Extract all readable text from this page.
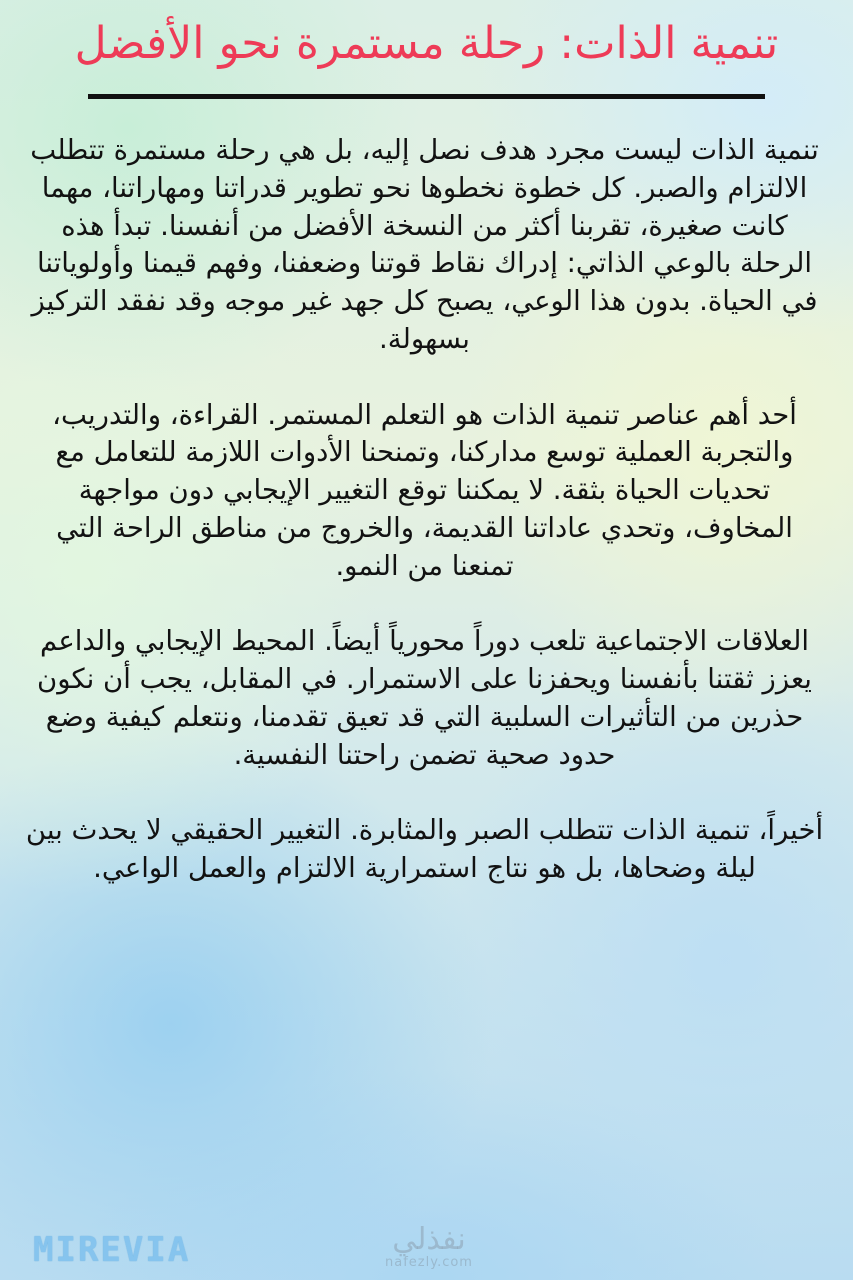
تنمية الذات: رحلة مستمرة نحو الأفضل

تنمية الذات ليست مجرد هدف نصل إليه، بل هي رحلة مستمرة تتطلب الالتزام والصبر. كل خطوة نخطوها نحو تطوير قدراتنا ومهاراتنا، مهما كانت صغيرة، تقربنا أكثر من النسخة الأفضل من أنفسنا. تبدأ هذه الرحلة بالوعي الذاتي: إدراك نقاط قوتنا وضعفنا، وفهم قيمنا وأولوياتنا في الحياة. بدون هذا الوعي، يصبح كل جهد غير موجه وقد نفقد التركيز بسهولة.

أحد أهم عناصر تنمية الذات هو التعلم المستمر. القراءة، والتدريب، والتجربة العملية توسع مداركنا، وتمنحنا الأدوات اللازمة للتعامل مع تحديات الحياة بثقة. لا يمكننا توقع التغيير الإيجابي دون مواجهة المخاوف، وتحدي عاداتنا القديمة، والخروج من مناطق الراحة التي تمنعنا من النمو.

العلاقات الاجتماعية تلعب دوراً محورياً أيضاً. المحيط الإيجابي والداعم يعزز ثقتنا بأنفسنا ويحفزنا على الاستمرار. في المقابل، يجب أن نكون حذرين من التأثيرات السلبية التي قد تعيق تقدمنا، ونتعلم كيفية وضع حدود صحية تضمن راحتنا النفسية.

أخيراً، تنمية الذات تتطلب الصبر والمثابرة. التغيير الحقيقي لا يحدث بين ليلة وضحاها، بل هو نتاج استمرارية الالتزام والعمل الواعي.

MIREVIA	نفذلي
nafezly.com
